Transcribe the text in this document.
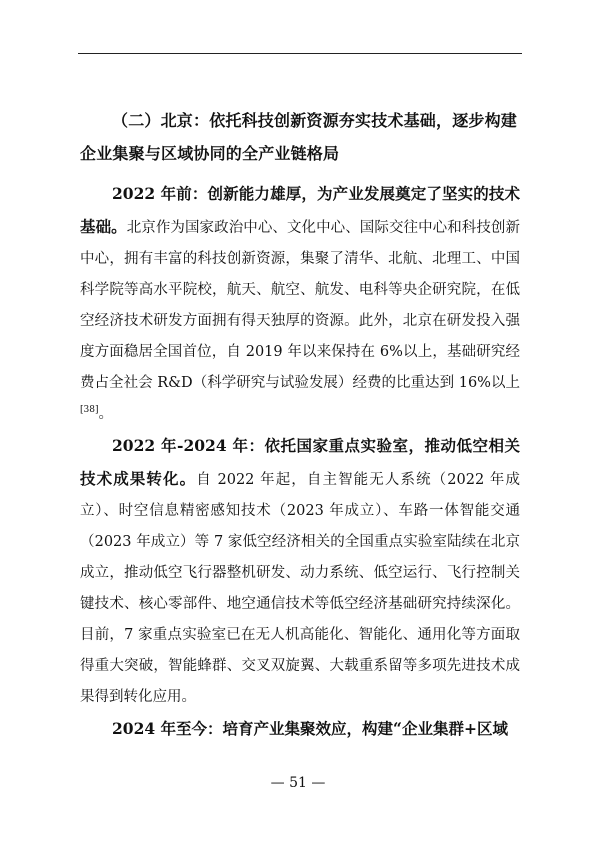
（二）北京：依托科技创新资源夯实技术基础，逐步构建企业集聚与区域协同的全产业链格局

2022 年前：创新能力雄厚，为产业发展奠定了坚实的技术基础。北京作为国家政治中心、文化中心、国际交往中心和科技创新中心，拥有丰富的科技创新资源，集聚了清华、北航、北理工、中国科学院等高水平院校，航天、航空、航发、电科等央企研究院，在低空经济技术研发方面拥有得天独厚的资源。此外，北京在研发投入强度方面稳居全国首位，自 2019 年以来保持在 6%以上，基础研究经费占全社会 R&D（科学研究与试验发展）经费的比重达到 16%以上[38]。

2022 年-2024 年：依托国家重点实验室，推动低空相关技术成果转化。自 2022 年起，自主智能无人系统（2022 年成立）、时空信息精密感知技术（2023 年成立）、车路一体智能交通（2023 年成立）等 7 家低空经济相关的全国重点实验室陆续在北京成立，推动低空飞行器整机研发、动力系统、低空运行、飞行控制关键技术、核心零部件、地空通信技术等低空经济基础研究持续深化。目前，7 家重点实验室已在无人机高能化、智能化、通用化等方面取得重大突破，智能蜂群、交叉双旋翼、大载重系留等多项先进技术成果得到转化应用。

2024 年至今：培育产业集聚效应，构建“企业集群+区域

— 51 —
